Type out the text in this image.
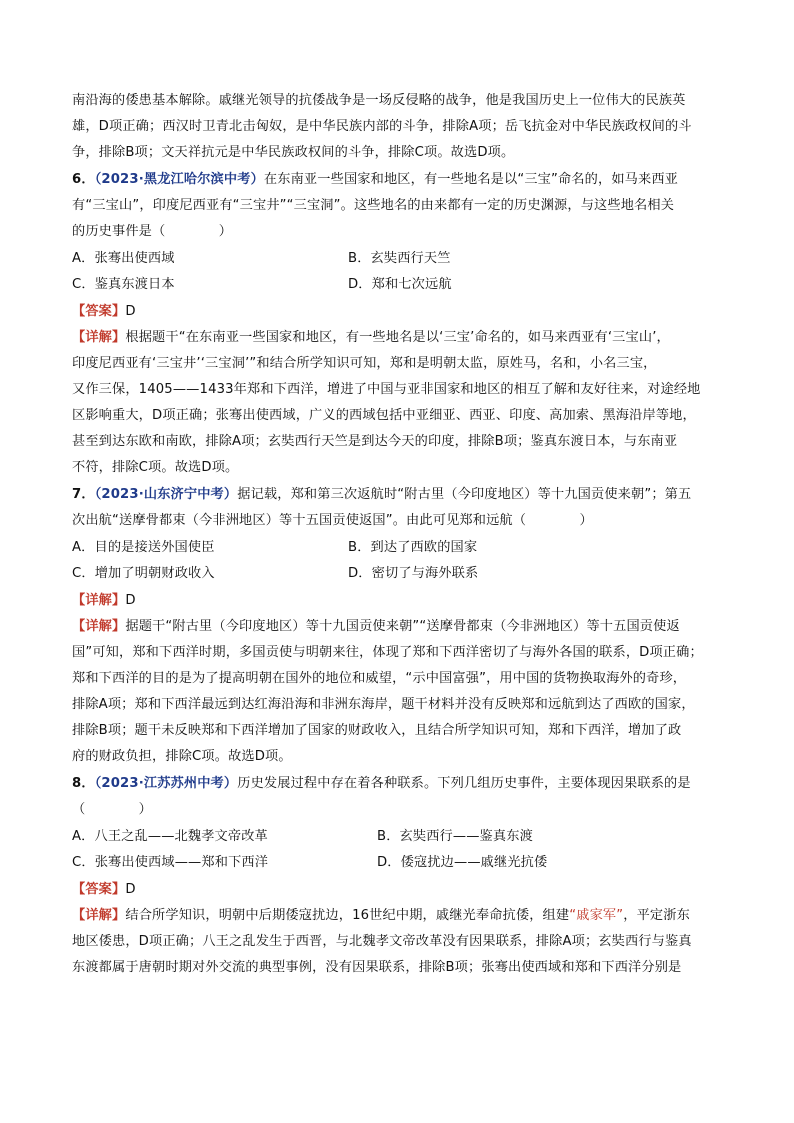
南沿海的倭患基本解除。戚继光领导的抗倭战争是一场反侵略的战争，他是我国历史上一位伟大的民族英
雄，D项正确；西汉时卫青北击匈奴，是中华民族内部的斗争，排除A项；岳飞抗金对中华民族政权间的斗
争，排除B项；文天祥抗元是中华民族政权间的斗争，排除C项。故选D项。
6．（2023·黑龙江哈尔滨中考）在东南亚一些国家和地区，有一些地名是以“三宝”命名的，如马来西亚
有“三宝山”，印度尼西亚有“三宝井”“三宝洞”。这些地名的由来都有一定的历史渊源，与这些地名相关
的历史事件是（　　　　）
A．张骞出使西域	B．玄奘西行天竺
C．鉴真东渡日本	D．郑和七次远航
【答案】D
【详解】根据题干“在东南亚一些国家和地区，有一些地名是以‘三宝’命名的，如马来西亚有‘三宝山’，
印度尼西亚有‘三宝井’‘三宝洞’”和结合所学知识可知，郑和是明朝太监，原姓马，名和，小名三宝，
又作三保，1405——1433年郑和下西洋，增进了中国与亚非国家和地区的相互了解和友好往来，对途经地
区影响重大，D项正确；张骞出使西域，广义的西域包括中亚细亚、西亚、印度、高加索、黑海沿岸等地，
甚至到达东欧和南欧，排除A项；玄奘西行天竺是到达今天的印度，排除B项；鉴真东渡日本，与东南亚
不符，排除C项。故选D项。
7．（2023·山东济宁中考）据记载，郑和第三次返航时“附古里（今印度地区）等十九国贡使来朝”；第五
次出航“送摩骨都束（今非洲地区）等十五国贡使返国”。由此可见郑和远航（　　　　）
A．目的是接送外国使臣	B．到达了西欧的国家
C．增加了明朝财政收入	D．密切了与海外联系
【详解】D
【详解】据题干“附古里（今印度地区）等十九国贡使来朝”“送摩骨都束（今非洲地区）等十五国贡使返
国”可知，郑和下西洋时期，多国贡使与明朝来往，体现了郑和下西洋密切了与海外各国的联系，D项正确；
郑和下西洋的目的是为了提高明朝在国外的地位和威望，“示中国富强”，用中国的货物换取海外的奇珍，
排除A项；郑和下西洋最远到达红海沿海和非洲东海岸，题干材料并没有反映郑和远航到达了西欧的国家，
排除B项；题干未反映郑和下西洋增加了国家的财政收入，且结合所学知识可知，郑和下西洋，增加了政
府的财政负担，排除C项。故选D项。
8．（2023·江苏苏州中考）历史发展过程中存在着各种联系。下列几组历史事件，主要体现因果联系的是
（　　　　）
A．八王之乱——北魏孝文帝改革	B．玄奘西行——鉴真东渡
C．张骞出使西域——郑和下西洋	D．倭寇扰边——戚继光抗倭
【答案】D
【详解】结合所学知识，明朝中后期倭寇扰边，16世纪中期，戚继光奉命抗倭，组建“戚家军”，平定浙东
地区倭患，D项正确；八王之乱发生于西晋，与北魏孝文帝改革没有因果联系，排除A项；玄奘西行与鉴真
东渡都属于唐朝时期对外交流的典型事例，没有因果联系，排除B项；张骞出使西域和郑和下西洋分别是
